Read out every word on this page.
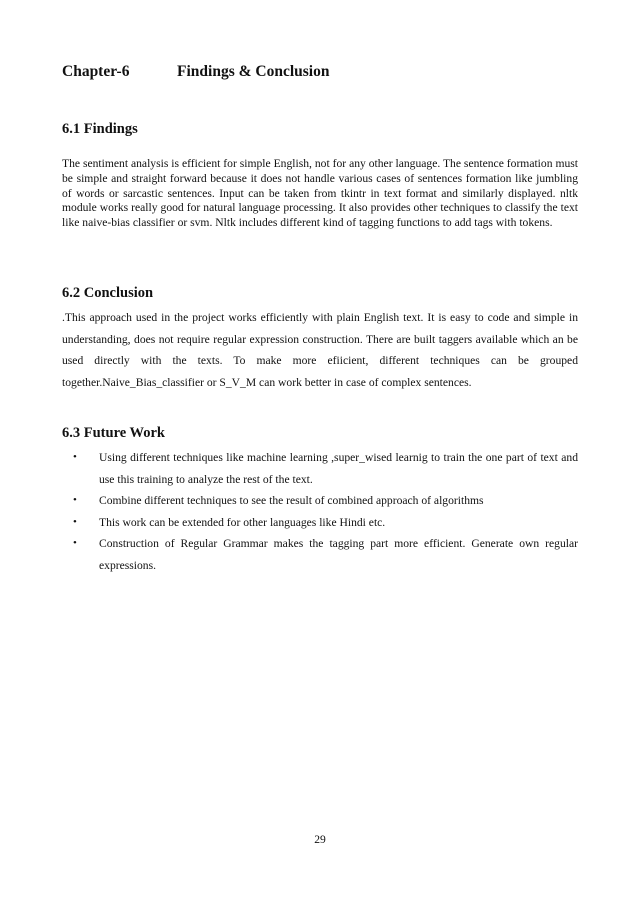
Chapter-6	Findings & Conclusion
6.1 Findings

The sentiment analysis is efficient for simple English, not for any other language. The sentence formation must be simple and straight forward because it does not handle various cases of sentences formation like jumbling of words or sarcastic sentences. Input can be taken from tkintr in text format and similarly displayed. nltk module works really good for natural language processing. It also provides other techniques to classify the text like naive-bias classifier or svm. Nltk includes different kind of tagging functions to add tags with tokens.

6.2 Conclusion

.This approach used in the project works efficiently with plain English text. It is easy to code and simple in understanding, does not require regular expression construction. There are built taggers available which an be used directly with the texts. To make more efiicient, different techniques can be grouped together.Naive_Bias_classifier or S_V_M can work better in case of complex sentences.

6.3 Future Work
• Using different techniques like machine learning ,super_wised learnig to train the one part of text and use this training to analyze the rest of the text.
• Combine different techniques to see the result of combined approach of algorithms
• This work can be extended for other languages like Hindi etc.
• Construction of Regular Grammar makes the tagging part more efficient. Generate own regular expressions.
29
